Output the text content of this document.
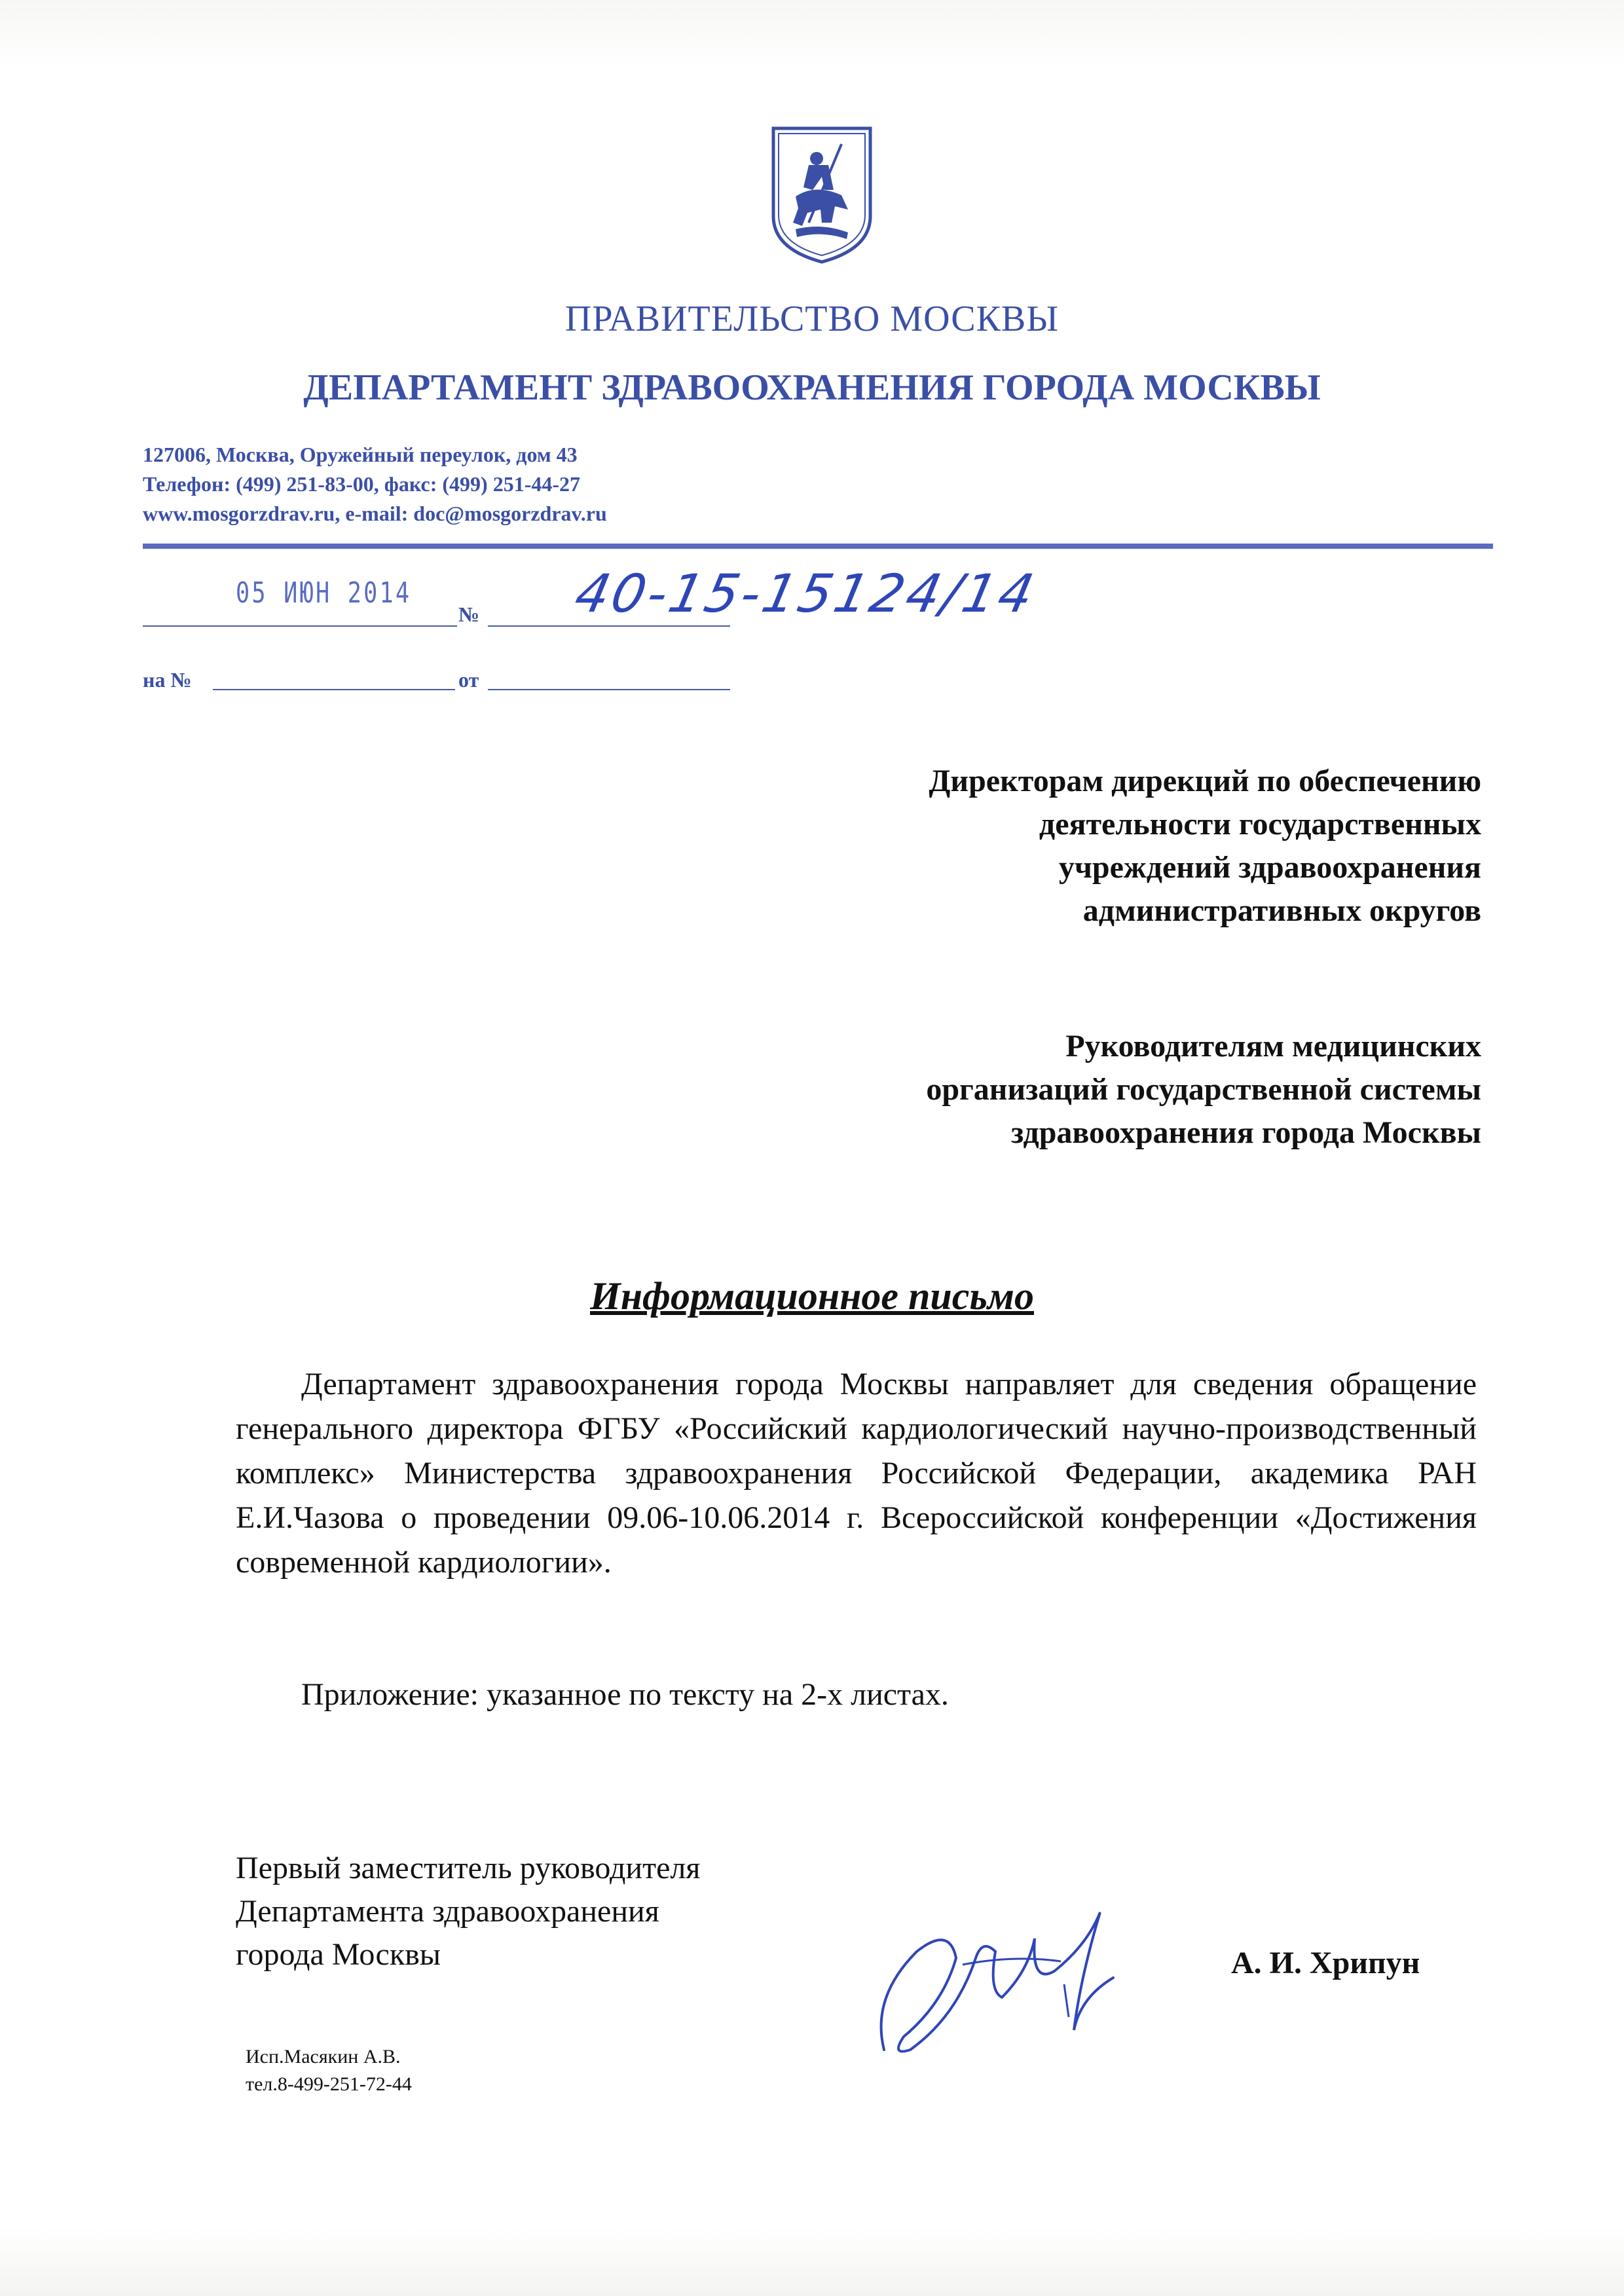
ПРАВИТЕЛЬСТВО МОСКВЫ
ДЕПАРТАМЕНТ ЗДРАВООХРАНЕНИЯ ГОРОДА МОСКВЫ
127006, Москва, Оружейный переулок, дом 43
Телефон: (499) 251-83-00, факс: (499) 251-44-27
www.mosgorzdrav.ru, e-mail: doc@mosgorzdrav.ru
05 ИЮН 2014
№ 40-15-15124/14
на №	от
Директорам дирекций по обеспечению
деятельности государственных
учреждений здравоохранения
административных округов
Руководителям медицинских
организаций государственной системы
здравоохранения города Москвы
Информационное письмо
Департамент здравоохранения города Москвы направляет для сведения обращение генерального директора ФГБУ «Российский кардиологический научно-производственный комплекс» Министерства здравоохранения Российской Федерации, академика РАН Е.И.Чазова о проведении 09.06-10.06.2014 г. Всероссийской конференции «Достижения современной кардиологии».
Приложение: указанное по тексту на 2-х листах.
Первый заместитель руководителя
Департамента здравоохранения
города Москвы	А. И. Хрипун
Исп.Масякин А.В.
тел.8-499-251-72-44
